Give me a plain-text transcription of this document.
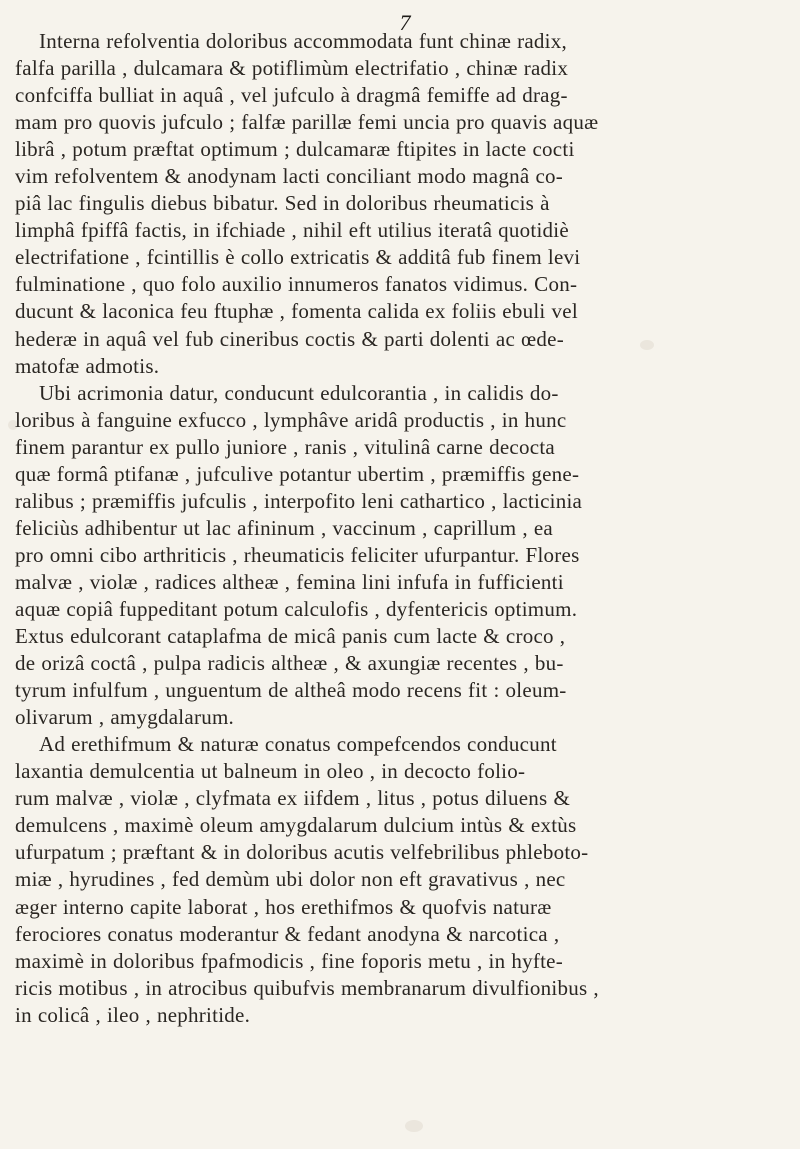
7
Interna refolventia doloribus accommodata funt chinæ radix,
falfa parilla , dulcamara & potiflimùm electrifatio , chinæ radix
confciffa bulliat in aquâ , vel jufculo à dragmâ femiffe ad drag-
mam pro quovis jufculo ; falfæ parillæ femi uncia pro quavis aquæ
librâ , potum præftat optimum ; dulcamaræ ftipites in lacte cocti
vim refolventem & anodynam lacti conciliant modo magnâ co-
piâ lac fingulis diebus bibatur. Sed in doloribus rheumaticis à
limphâ fpiffâ factis, in ifchiade , nihil eft utilius iteratâ quotidiè
electrifatione , fcintillis è collo extricatis & additâ fub finem levi
fulminatione , quo folo auxilio innumeros fanatos vidimus. Con-
ducunt & laconica feu ftuphæ , fomenta calida ex foliis ebuli vel
hederæ in aquâ vel fub cineribus coctis & parti dolenti ac œde-
matofæ admotis.
Ubi acrimonia datur, conducunt edulcorantia , in calidis do-
loribus à fanguine exfucco , lymphâve aridâ productis , in hunc
finem parantur ex pullo juniore , ranis , vitulinâ carne decocta
quæ formâ ptifanæ , jufculive potantur ubertim , præmiffis gene-
ralibus ; præmiffis jufculis , interpofito leni cathartico , lacticinia
feliciùs adhibentur ut lac afininum , vaccinum , caprillum , ea
pro omni cibo arthriticis , rheumaticis feliciter ufurpantur. Flores
malvæ , violæ , radices altheæ , femina lini infufa in fufficienti
aquæ copiâ fuppeditant potum calculofis , dyfentericis optimum.
Extus edulcorant cataplafma de micâ panis cum lacte & croco ,
de orizâ coctâ , pulpa radicis altheæ , & axungiæ recentes , bu-
tyrum infulfum , unguentum de altheâ modo recens fit : oleum-
olivarum , amygdalarum.
Ad erethifmum & naturæ conatus compefcendos conducunt
laxantia demulcentia ut balneum in oleo , in decocto folio-
rum malvæ , violæ , clyfmata ex iifdem , litus , potus diluens &
demulcens , maximè oleum amygdalarum dulcium intùs & extùs
ufurpatum ; præftant & in doloribus acutis velfebrilibus phleboto-
miæ , hyrudines , fed demùm ubi dolor non eft gravativus , nec
æger interno capite laborat , hos erethifmos & quofvis naturæ
ferociores conatus moderantur & fedant anodyna & narcotica ,
maximè in doloribus fpafmodicis , fine foporis metu , in hyfte-
ricis motibus , in atrocibus quibufvis membranarum divulfionibus ,
in colicâ , ileo , nephritide.
